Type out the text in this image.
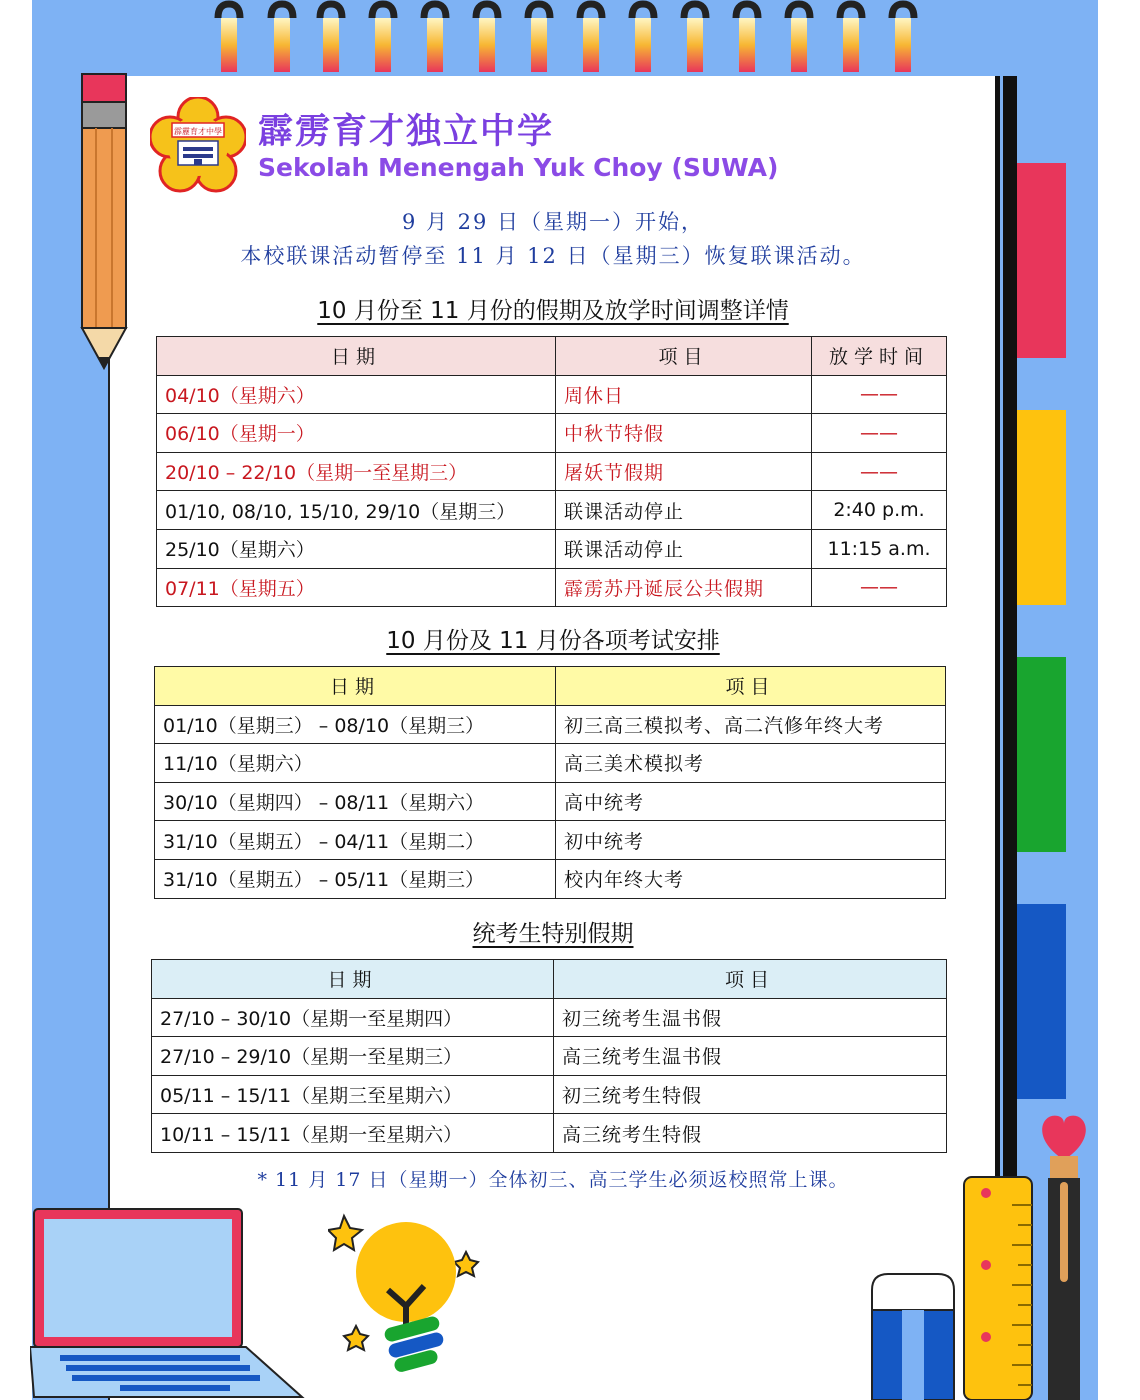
霹靂育才中學 霹雳育才独立中学
Sekolah Menengah Yuk Choy (SUWA)
9 月 29 日（星期一）开始，
本校联课活动暂停至 11 月 12 日（星期三）恢复联课活动。
10 月份至 11 月份的假期及放学时间调整详情
日期	项目	放学时间
04/10（星期六）	周休日	——
06/10（星期一）	中秋节特假	——
20/10 – 22/10（星期一至星期三）	屠妖节假期	——
01/10, 08/10, 15/10, 29/10（星期三）	联课活动停止	2:40 p.m.
25/10（星期六）	联课活动停止	11:15 a.m.
07/11（星期五）	霹雳苏丹诞辰公共假期	——
10 月份及 11 月份各项考试安排
日期	项目
01/10（星期三） – 08/10（星期三）	初三高三模拟考、高二汽修年终大考
11/10（星期六）	高三美术模拟考
30/10（星期四） – 08/11（星期六）	高中统考
31/10（星期五） – 04/11（星期二）	初中统考
31/10（星期五） – 05/11（星期三）	校内年终大考
统考生特别假期
日期	项目
27/10 – 30/10（星期一至星期四）	初三统考生温书假
27/10 – 29/10（星期一至星期三）	高三统考生温书假
05/11 – 15/11（星期三至星期六）	初三统考生特假
10/11 – 15/11（星期一至星期六）	高三统考生特假
* 11 月 17 日（星期一）全体初三、高三学生必须返校照常上课。
